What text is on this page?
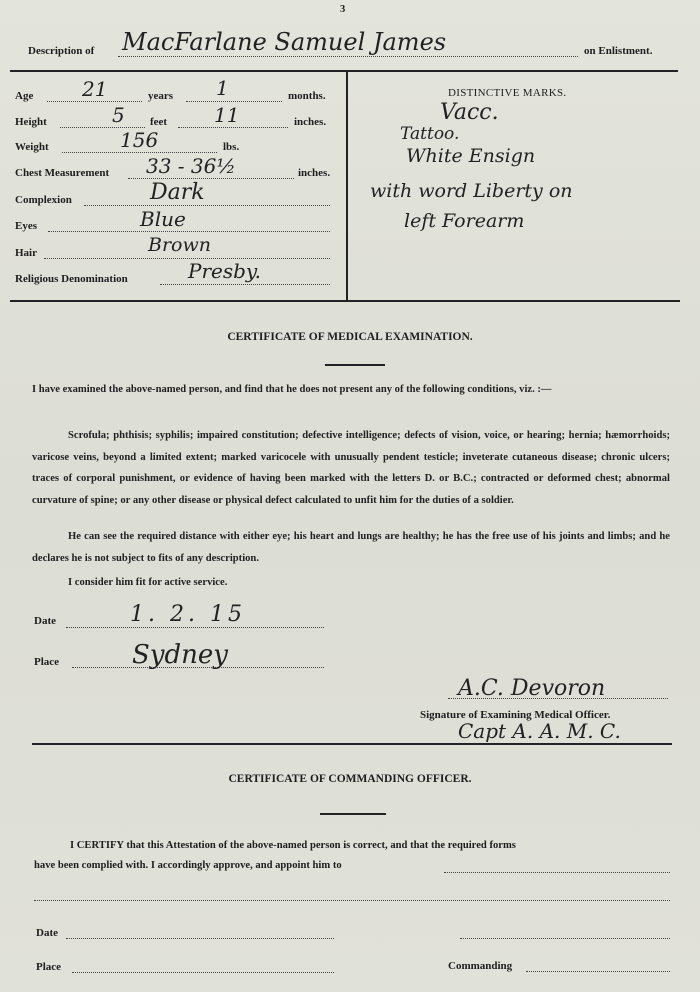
3
Description of MacFarlane Samuel James	on Enlistment.
Age 21	years 1	months.
Height	5 feet 11	inches.
Weight	156	lbs.
Chest Measurement 33 - 36½	inches.
Complexion	Dark
Eyes	Blue
Hair	Brown
Religious Denomination	Presby.
DISTINCTIVE MARKS.
Vacc.
Tattoo.
White Ensign
with word Liberty on
left Forearm
CERTIFICATE OF MEDICAL EXAMINATION.

I have examined the above-named person, and find that he does not present any of the following conditions, viz. :—

Scrofula; phthisis; syphilis; impaired constitution; defective intelligence; defects of vision, voice, or hearing; hernia; hæmorrhoids; varicose veins, beyond a limited extent; marked varicocele with unusually pendent testicle; inveterate cutaneous disease; chronic ulcers; traces of corporal punishment, or evidence of having been marked with the letters D. or B.C.; contracted or deformed chest; abnormal curvature of spine; or any other disease or physical defect calculated to unfit him for the duties of a soldier.

He can see the required distance with either eye; his heart and lungs are healthy; he has the free use of his joints and limbs; and he declares he is not subject to fits of any description.

I consider him fit for active service.

Date	1. 2. 15
Place	Sydney
A.C. Devoron
Signature of Examining Medical Officer.
Capt A. A. M. C.
CERTIFICATE OF COMMANDING OFFICER.
I CERTIFY that this Attestation of the above-named person is correct, and that the required forms
have been complied with. I accordingly approve, and appoint him to
Date
Place	Commanding
